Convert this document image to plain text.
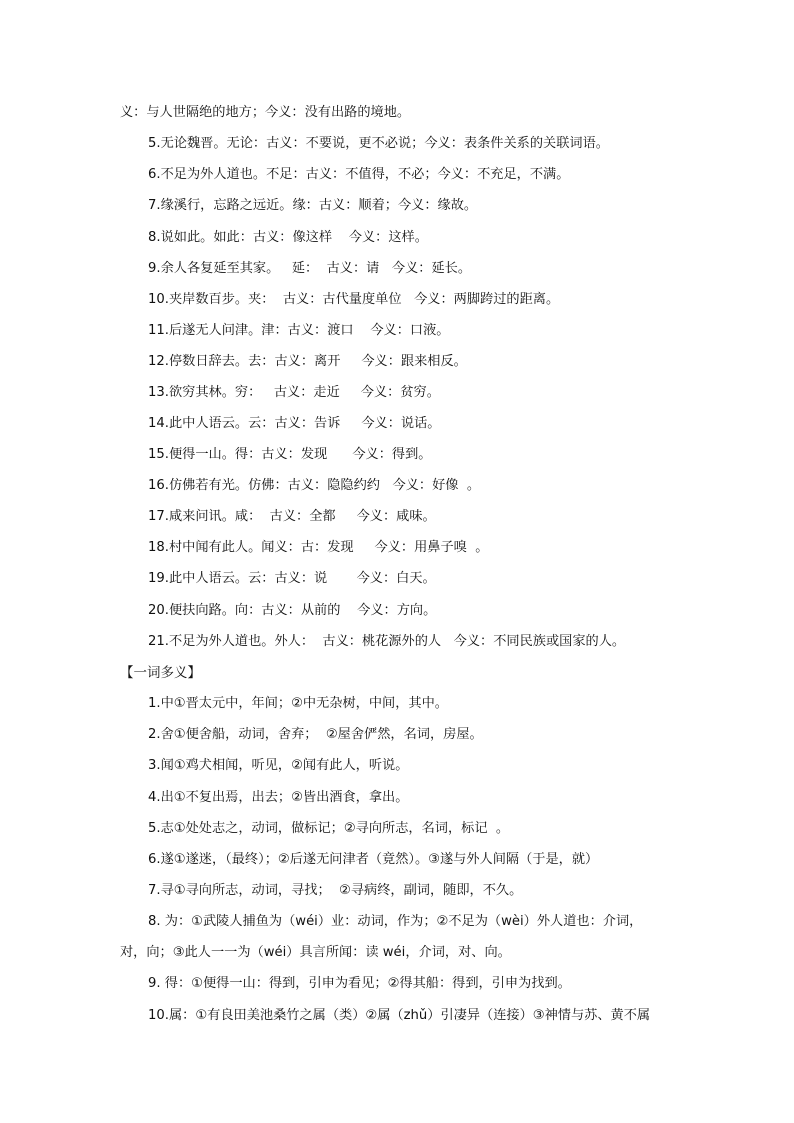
义：与人世隔绝的地方；今义：没有出路的境地。
5.无论魏晋。无论：古义：不要说，更不必说；今义：表条件关系的关联词语。
6.不足为外人道也。不足：古义：不值得，不必；今义：不充足，不满。
7.缘溪行，忘路之远近。缘：古义：顺着；今义：缘故。
8.说如此。如此：古义：像这样    今义：这样。
9.余人各复延至其家。   延：  古义：请   今义：延长。
10.夹岸数百步。夹：  古义：古代量度单位   今义：两脚跨过的距离。
11.后遂无人问津。津：古义：渡口    今义：口液。
12.停数日辞去。去：古义：离开     今义：跟来相反。
13.欲穷其林。穷：   古义：走近     今义：贫穷。
14.此中人语云。云：古义：告诉     今义：说话。
15.便得一山。得：古义：发现      今义：得到。
16.仿佛若有光。仿佛：古义：隐隐约约   今义：好像  。
17.咸来问讯。咸：  古义：全都     今义：咸味。
18.村中闻有此人。闻义：古：发现     今义：用鼻子嗅  。
19.此中人语云。云：古义：说       今义：白天。
20.便扶向路。向：古义：从前的    今义：方向。
21.不足为外人道也。外人：  古义：桃花源外的人   今义：不同民族或国家的人。
【一词多义】
1.中①晋太元中，年间；②中无杂树，中间，其中。
2.舍①便舍船，动词，舍弃；  ②屋舍俨然，名词，房屋。
3.闻①鸡犬相闻，听见，②闻有此人，听说。
4.出①不复出焉，出去；②皆出酒食，拿出。
5.志①处处志之，动词，做标记；②寻向所志，名词，标记  。
6.遂①遂迷，（最终）；②后遂无问津者（竟然）。③遂与外人间隔（于是，就）
7.寻①寻向所志，动词，寻找；  ②寻病终，副词，随即，不久。
8. 为：①武陵人捕鱼为（wéi）业：动词，作为；②不足为（wèi）外人道也：介词，
对，向；③此人一一为（wéi）具言所闻：读 wéi，介词，对、向。
9. 得：①便得一山：得到，引申为看见；②得其船：得到，引申为找到。
10.属：①有良田美池桑竹之属（类）②属（zhǔ）引凄异（连接）③神情与苏、黄不属
